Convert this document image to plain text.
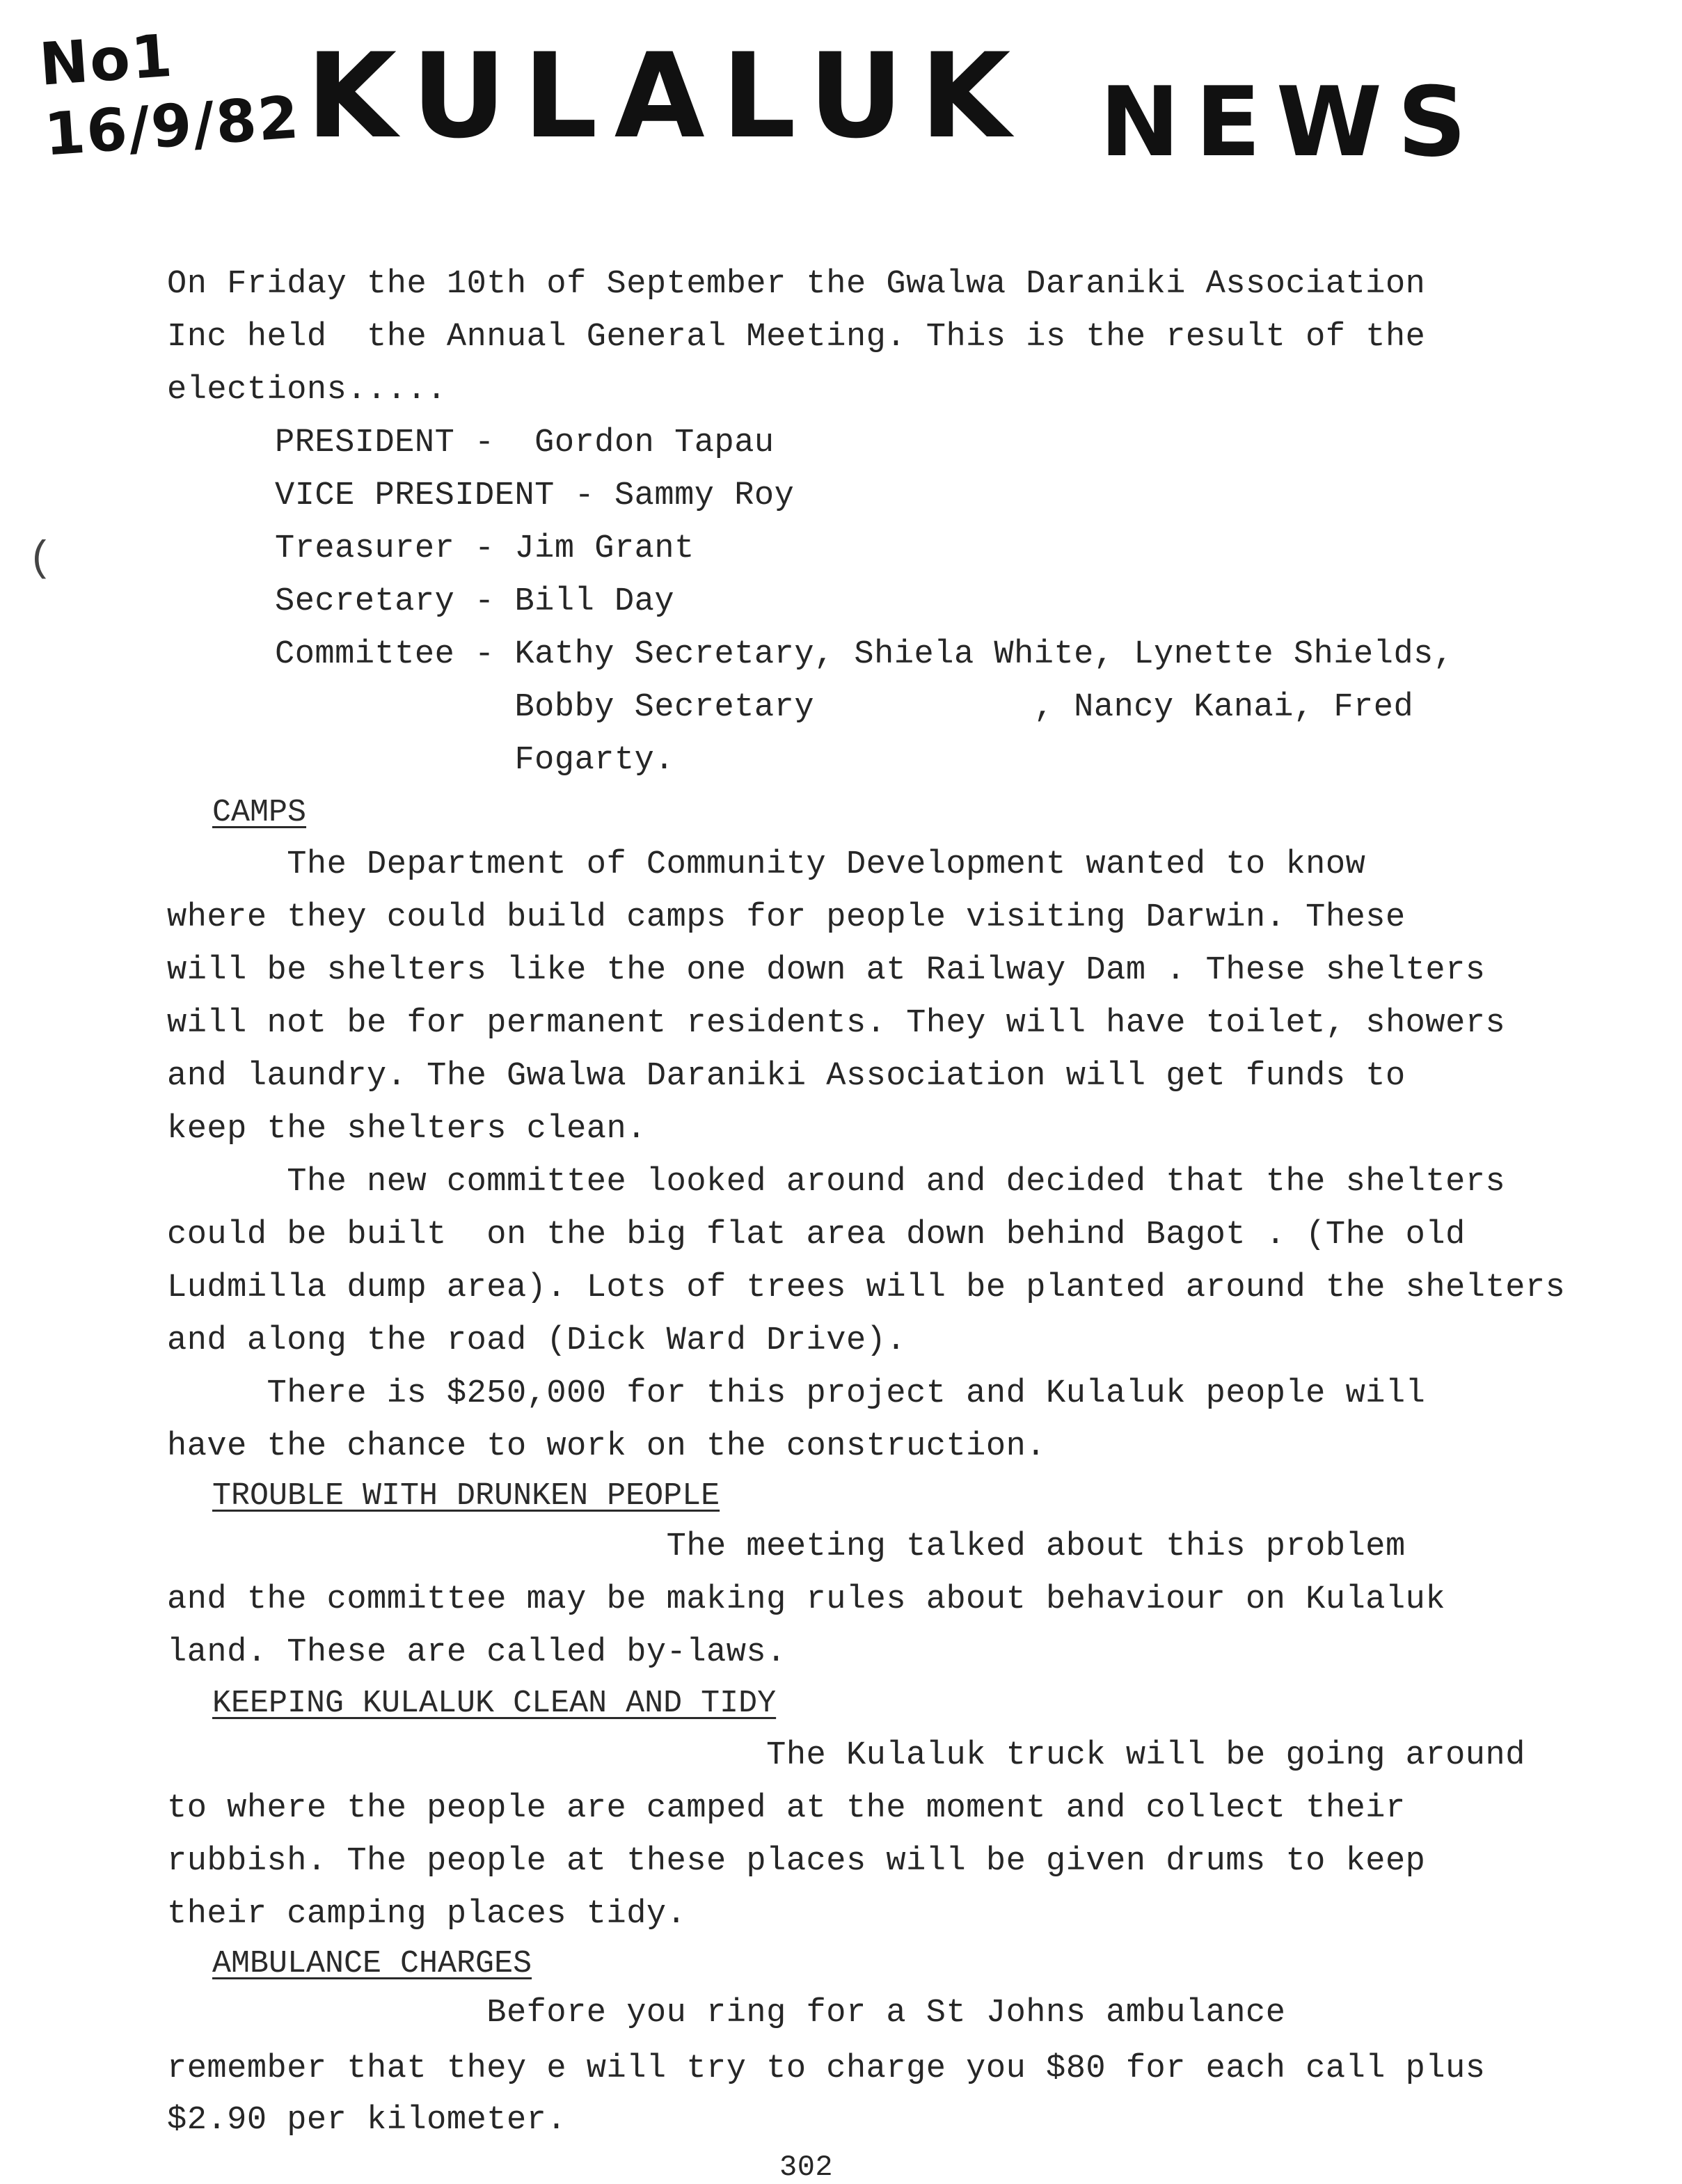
No1
16/9/82 KULALUK NEWS
On Friday the 10th of September the Gwalwa Daraniki Association
Inc held  the Annual General Meeting. This is the result of the
elections.....
PRESIDENT -  Gordon Tapau
VICE PRESIDENT - Sammy Roy
Treasurer - Jim Grant
Secretary - Bill Day
Committee - Kathy Secretary, Shiela White, Lynette Shields,
Bobby Secretary           , Nancy Kanai, Fred
Fogarty.
CAMPS
The Department of Community Development wanted to know
where they could build camps for people visiting Darwin. These
will be shelters like the one down at Railway Dam . These shelters
will not be for permanent residents. They will have toilet, showers
and laundry. The Gwalwa Daraniki Association will get funds to
keep the shelters clean.
The new committee looked around and decided that the shelters
could be built  on the big flat area down behind Bagot . (The old
Ludmilla dump area). Lots of trees will be planted around the shelters
and along the road (Dick Ward Drive).
There is $250,000 for this project and Kulaluk people will
have the chance to work on the construction.
TROUBLE WITH DRUNKEN PEOPLE
The meeting talked about this problem
and the committee may be making rules about behaviour on Kulaluk
land. These are called by-laws.
KEEPING KULALUK CLEAN AND TIDY
The Kulaluk truck will be going around
to where the people are camped at the moment and collect their
rubbish. The people at these places will be given drums to keep
their camping places tidy.
AMBULANCE CHARGES
Before you ring for a St Johns ambulance
remember that they e will try to charge you $80 for each call plus
$2.90 per kilometer.
(
302
